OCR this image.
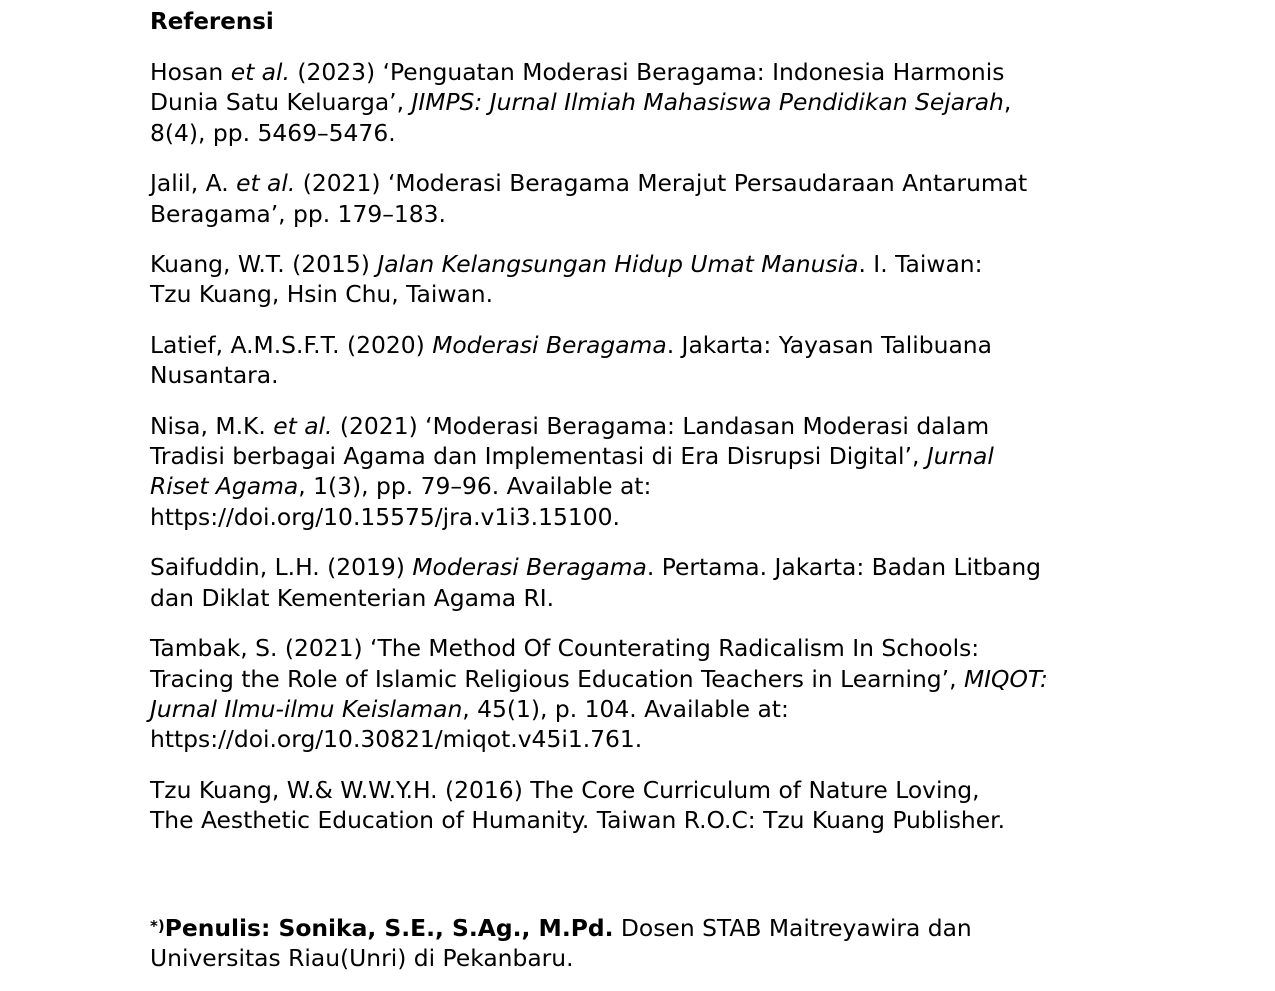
Referensi
Hosan et al. (2023) ‘Penguatan Moderasi Beragama: Indonesia Harmonis
Dunia Satu Keluarga’, JIMPS: Jurnal Ilmiah Mahasiswa Pendidikan Sejarah,
8(4), pp. 5469–5476.
Jalil, A. et al. (2021) ‘Moderasi Beragama Merajut Persaudaraan Antarumat
Beragama’, pp. 179–183.
Kuang, W.T. (2015) Jalan Kelangsungan Hidup Umat Manusia. I. Taiwan:
Tzu Kuang, Hsin Chu, Taiwan.
Latief, A.M.S.F.T. (2020) Moderasi Beragama. Jakarta: Yayasan Talibuana
Nusantara.
Nisa, M.K. et al. (2021) ‘Moderasi Beragama: Landasan Moderasi dalam
Tradisi berbagai Agama dan Implementasi di Era Disrupsi Digital’, Jurnal
Riset Agama, 1(3), pp. 79–96. Available at:
https://doi.org/10.15575/jra.v1i3.15100.
Saifuddin, L.H. (2019) Moderasi Beragama. Pertama. Jakarta: Badan Litbang
dan Diklat Kementerian Agama RI.
Tambak, S. (2021) ‘The Method Of Counterating Radicalism In Schools:
Tracing the Role of Islamic Religious Education Teachers in Learning’, MIQOT:
Jurnal Ilmu-ilmu Keislaman, 45(1), p. 104. Available at:
https://doi.org/10.30821/miqot.v45i1.761.
Tzu Kuang, W.& W.W.Y.H. (2016) The Core Curriculum of Nature Loving,
The Aesthetic Education of Humanity. Taiwan R.O.C: Tzu Kuang Publisher.
*)Penulis: Sonika, S.E., S.Ag., M.Pd. Dosen STAB Maitreyawira dan
Universitas Riau(Unri) di Pekanbaru.
